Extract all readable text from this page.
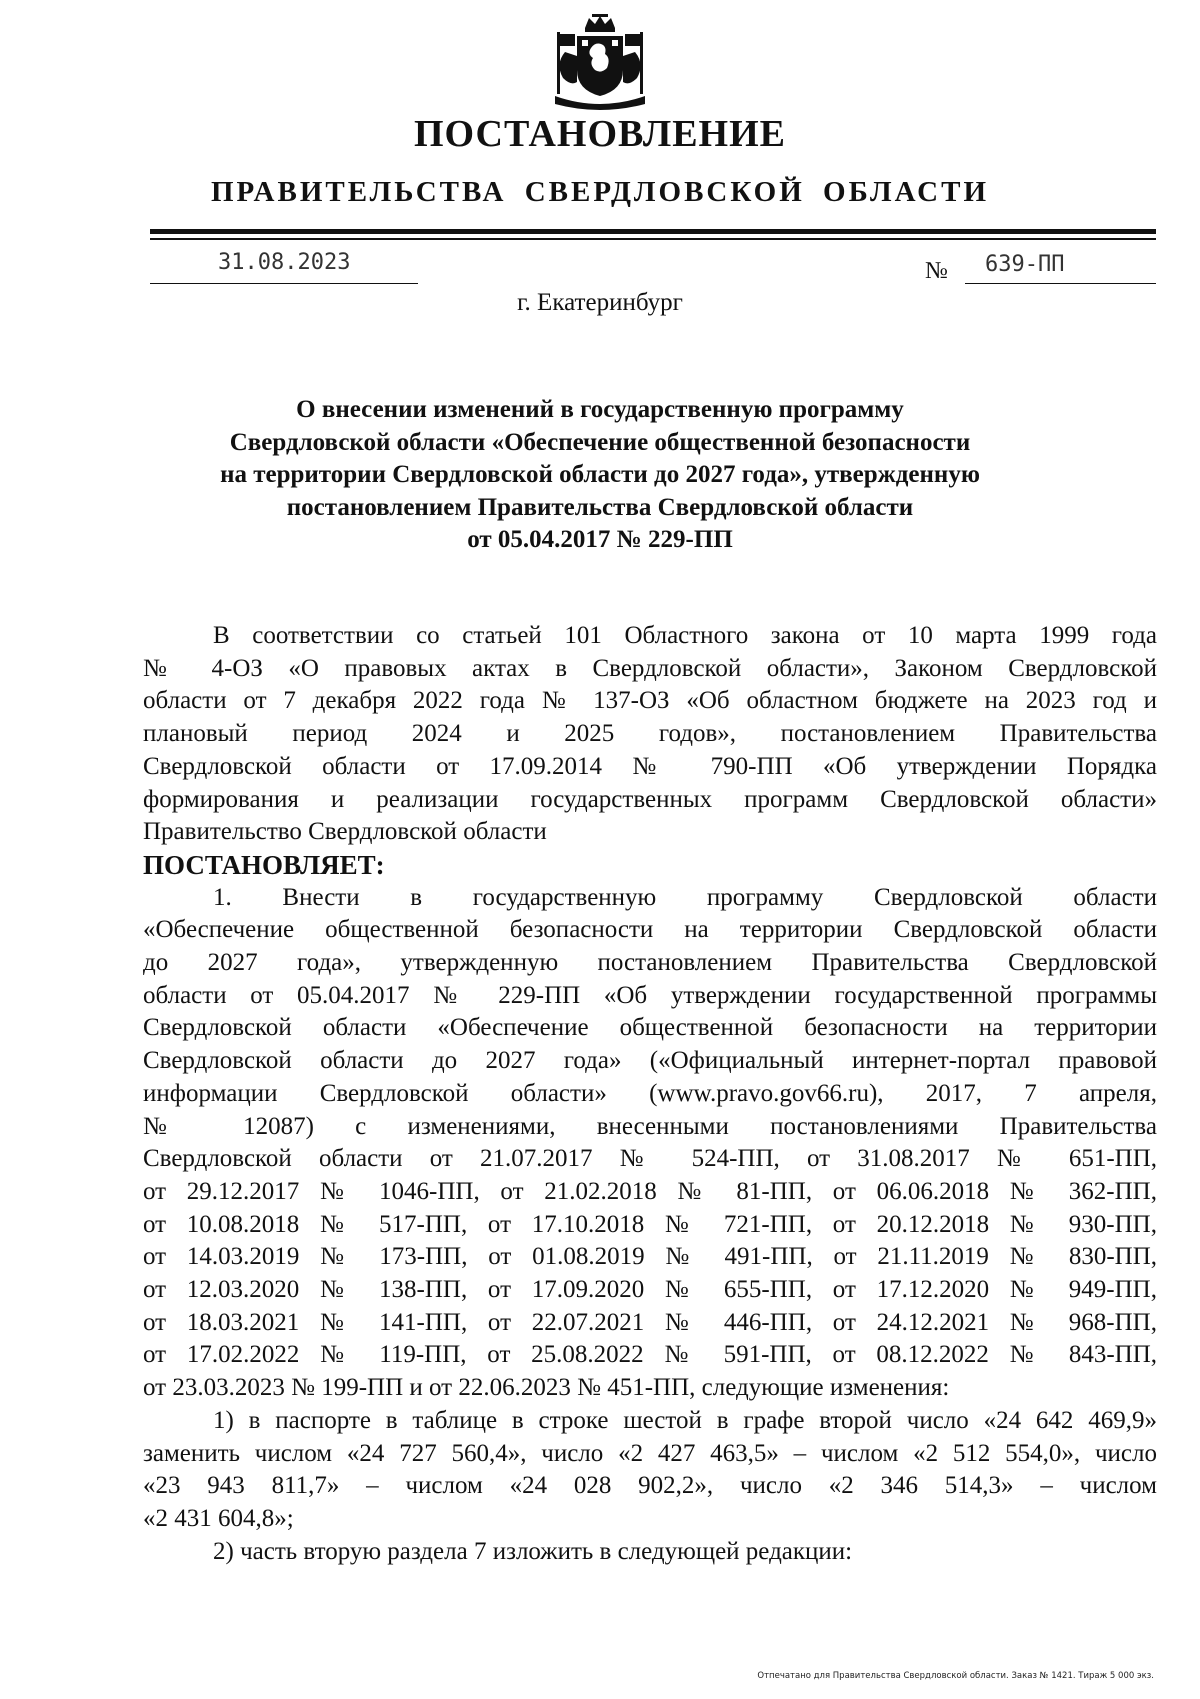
ПОСТАНОВЛЕНИЕ
ПРАВИТЕЛЬСТВА СВЕРДЛОВСКОЙ ОБЛАСТИ
31.08.2023	№ 639-ПП
г. Екатеринбург
О внесении изменений в государственную программу
Свердловской области «Обеспечение общественной безопасности
на территории Свердловской области до 2027 года», утвержденную
постановлением Правительства Свердловской области
от 05.04.2017 № 229-ПП
В соответствии со статьей 101 Областного закона от 10 марта 1999 года
№ 4-ОЗ «О правовых актах в Свердловской области», Законом Свердловской
области от 7 декабря 2022 года № 137-ОЗ «Об областном бюджете на 2023 год и
плановый период 2024 и 2025 годов», постановлением Правительства
Свердловской области от 17.09.2014 № 790-ПП «Об утверждении Порядка
формирования и реализации государственных программ Свердловской области»
Правительство Свердловской области
ПОСТАНОВЛЯЕТ:
1. Внести в государственную программу Свердловской области
«Обеспечение общественной безопасности на территории Свердловской области
до 2027 года», утвержденную постановлением Правительства Свердловской
области от 05.04.2017 № 229-ПП «Об утверждении государственной программы
Свердловской области «Обеспечение общественной безопасности на территории
Свердловской области до 2027 года» («Официальный интернет-портал правовой
информации Свердловской области» (www.pravo.gov66.ru), 2017, 7 апреля,
№ 12087) с изменениями, внесенными постановлениями Правительства
Свердловской области от 21.07.2017 № 524-ПП, от 31.08.2017 № 651-ПП,
от 29.12.2017 № 1046-ПП, от 21.02.2018 № 81-ПП, от 06.06.2018 № 362-ПП,
от 10.08.2018 № 517-ПП, от 17.10.2018 № 721-ПП, от 20.12.2018 № 930-ПП,
от 14.03.2019 № 173-ПП, от 01.08.2019 № 491-ПП, от 21.11.2019 № 830-ПП,
от 12.03.2020 № 138-ПП, от 17.09.2020 № 655-ПП, от 17.12.2020 № 949-ПП,
от 18.03.2021 № 141-ПП, от 22.07.2021 № 446-ПП, от 24.12.2021 № 968-ПП,
от 17.02.2022 № 119-ПП, от 25.08.2022 № 591-ПП, от 08.12.2022 № 843-ПП,
от 23.03.2023 № 199-ПП и от 22.06.2023 № 451-ПП, следующие изменения:
1) в паспорте в таблице в строке шестой в графе второй число «24 642 469,9»
заменить числом «24 727 560,4», число «2 427 463,5» – числом «2 512 554,0», число
«23 943 811,7» – числом «24 028 902,2», число «2 346 514,3» – числом
«2 431 604,8»;
2) часть вторую раздела 7 изложить в следующей редакции:
Отпечатано для Правительства Свердловской области. Заказ № 1421. Тираж 5 000 экз.
